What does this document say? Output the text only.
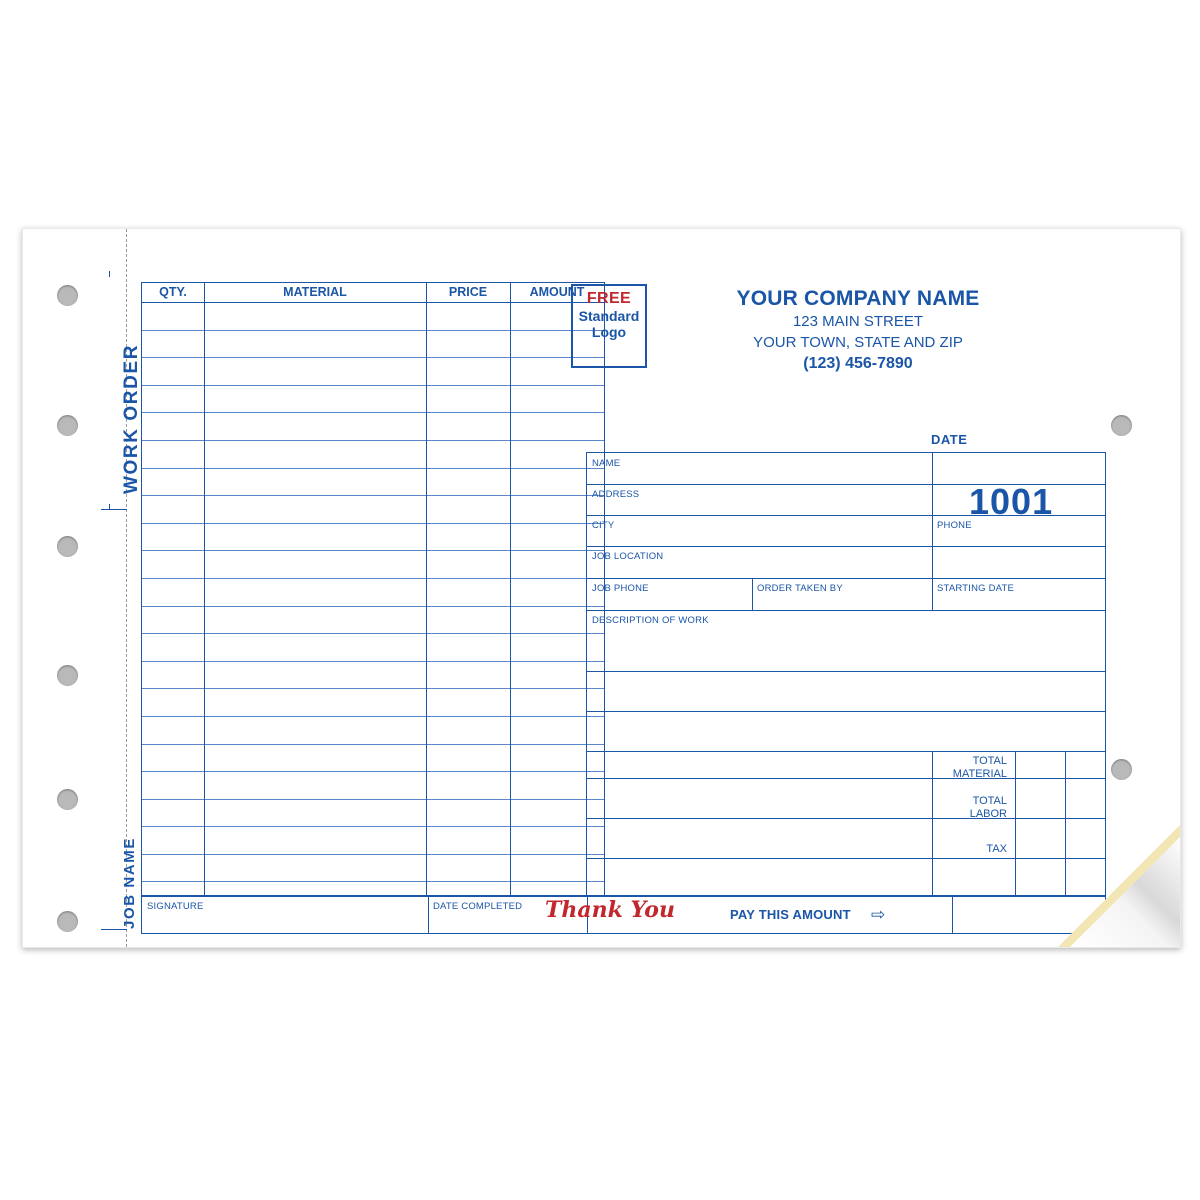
WORK ORDER
JOB NAME
QTY.	MATERIAL	PRICE	AMOUNT FREE
Standard
Logo
YOUR COMPANY NAME
123 MAIN STREET
YOUR TOWN, STATE AND ZIP
(123) 456-7890
DATE
NAME
ADDRESS
CITY	PHONE
JOB LOCATION
JOB PHONE	ORDER TAKEN BY	STARTING DATE
DESCRIPTION OF WORK
1001
TOTAL
MATERIAL
TOTAL
LABOR
TAX
SIGNATURE	DATE COMPLETED Thank You	PAY THIS AMOUNT ⇨
